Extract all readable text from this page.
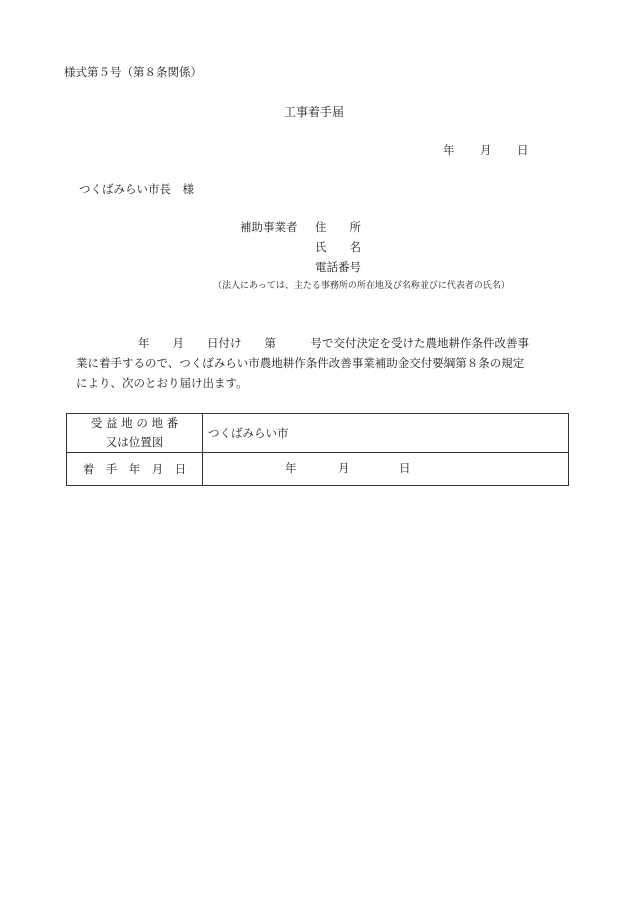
様式第５号（第８条関係）
工事着手届
年 月 日
つくばみらい市長　様
補助事業者 住　　所
氏　　名
電話番号
（法人にあっては、主たる事務所の所在地及び名称並びに代表者の氏名）
年　　月　　日付け　　第　　　号で交付決定を受けた農地耕作条件改善事
業に着手するので、つくばみらい市農地耕作条件改善事業補助金交付要綱第８条の規定
により、次のとおり届け出ます。
受 益 地 の 地 番
又は位置図	つくばみらい市
着　手　年　月　日	年 月 日
